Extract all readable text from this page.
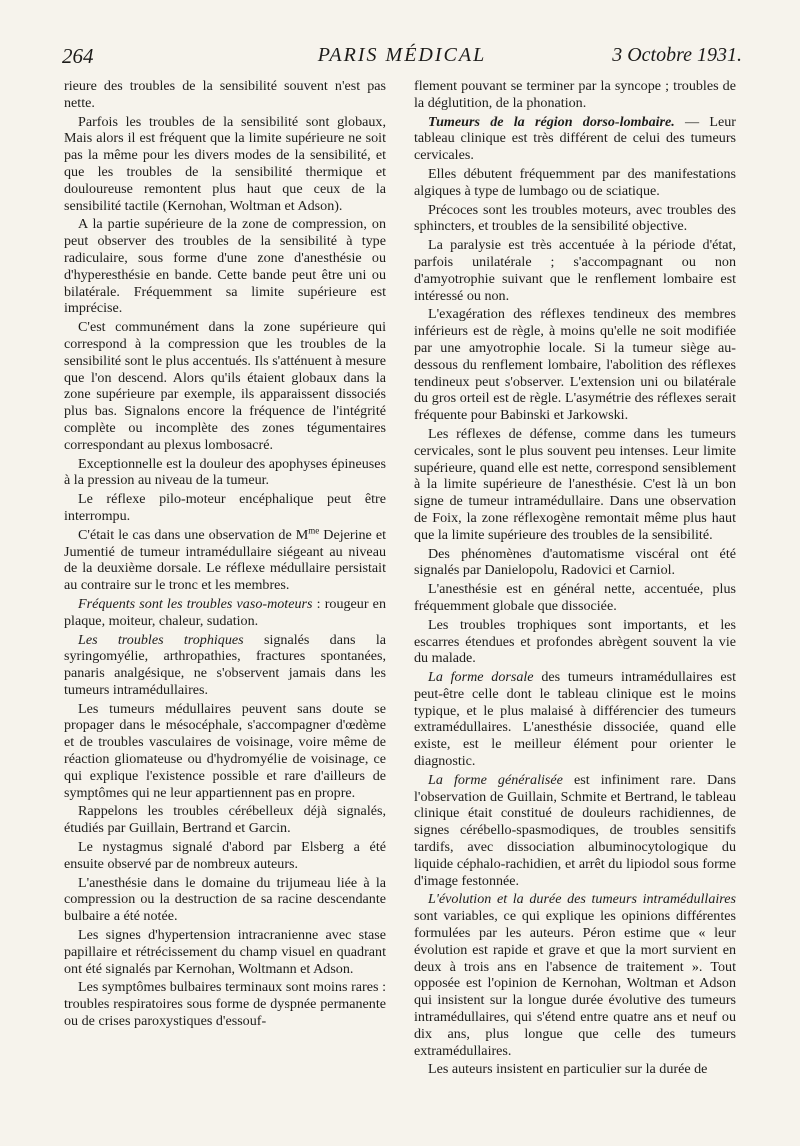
264	PARIS MÉDICAL	3 Octobre 1931.

rieure des troubles de la sensibilité souvent n'est pas nette.

Parfois les troubles de la sensibilité sont globaux, Mais alors il est fréquent que la limite supérieure ne soit pas la même pour les divers modes de la sensibilité, et que les troubles de la sensibilité thermique et douloureuse remontent plus haut que ceux de la sensibilité tactile (Kernohan, Woltman et Adson).

A la partie supérieure de la zone de compression, on peut observer des troubles de la sensibilité à type radiculaire, sous forme d'une zone d'anesthésie ou d'hyperesthésie en bande. Cette bande peut être uni ou bilatérale. Fréquemment sa limite supérieure est imprécise.

C'est communément dans la zone supérieure qui correspond à la compression que les troubles de la sensibilité sont le plus accentués. Ils s'atténuent à mesure que l'on descend. Alors qu'ils étaient globaux dans la zone supérieure par exemple, ils apparaissent dissociés plus bas. Signalons encore la fréquence de l'intégrité complète ou incomplète des zones tégumentaires correspondant au plexus lombosacré.

Exceptionnelle est la douleur des apophyses épineuses à la pression au niveau de la tumeur.

Le réflexe pilo-moteur encéphalique peut être interrompu.

C'était le cas dans une observation de $M^{me}$ Dejerine et Jumentié de tumeur intramédullaire siégeant au niveau de la deuxième dorsale. Le réflexe médullaire persistait au contraire sur le tronc et les membres.

Fréquents sont les troubles vaso-moteurs : rougeur en plaque, moiteur, chaleur, sudation.

Les troubles trophiques signalés dans la syringomyélie, arthropathies, fractures spontanées, panaris analgésique, ne s'observent jamais dans les tumeurs intramédullaires.

Les tumeurs médullaires peuvent sans doute se propager dans le mésocéphale, s'accompagner d'œdème et de troubles vasculaires de voisinage, voire même de réaction gliomateuse ou d'hydromyélie de voisinage, ce qui explique l'existence possible et rare d'ailleurs de symptômes qui ne leur appartiennent pas en propre.

Rappelons les troubles cérébelleux déjà signalés, étudiés par Guillain, Bertrand et Garcin.

Le nystagmus signalé d'abord par Elsberg a été ensuite observé par de nombreux auteurs.

L'anesthésie dans le domaine du trijumeau liée à la compression ou la destruction de sa racine descendante bulbaire a été notée.

Les signes d'hypertension intracranienne avec stase papillaire et rétrécissement du champ visuel en quadrant ont été signalés par Kernohan, Woltmann et Adson.

Les symptômes bulbaires terminaux sont moins rares : troubles respiratoires sous forme de dyspnée permanente ou de crises paroxystiques d'essouf-

flement pouvant se terminer par la syncope ; troubles de la déglutition, de la phonation.

Tumeurs de la région dorso-lombaire. — Leur tableau clinique est très différent de celui des tumeurs cervicales.

Elles débutent fréquemment par des manifestations algiques à type de lumbago ou de sciatique.

Précoces sont les troubles moteurs, avec troubles des sphincters, et troubles de la sensibilité objective.

La paralysie est très accentuée à la période d'état, parfois unilatérale ; s'accompagnant ou non d'amyotrophie suivant que le renflement lombaire est intéressé ou non.

L'exagération des réflexes tendineux des membres inférieurs est de règle, à moins qu'elle ne soit modifiée par une amyotrophie locale. Si la tumeur siège au-dessous du renflement lombaire, l'abolition des réflexes tendineux peut s'observer. L'extension uni ou bilatérale du gros orteil est de règle. L'asymétrie des réflexes serait fréquente pour Babinski et Jarkowski.

Les réflexes de défense, comme dans les tumeurs cervicales, sont le plus souvent peu intenses. Leur limite supérieure, quand elle est nette, correspond sensiblement à la limite supérieure de l'anesthésie. C'est là un bon signe de tumeur intramédullaire. Dans une observation de Foix, la zone réflexogène remontait même plus haut que la limite supérieure des troubles de la sensibilité.

Des phénomènes d'automatisme viscéral ont été signalés par Danielopolu, Radovici et Carniol.

L'anesthésie est en général nette, accentuée, plus fréquemment globale que dissociée.

Les troubles trophiques sont importants, et les escarres étendues et profondes abrègent souvent la vie du malade.

La forme dorsale des tumeurs intramédullaires est peut-être celle dont le tableau clinique est le moins typique, et le plus malaisé à différencier des tumeurs extramédullaires. L'anesthésie dissociée, quand elle existe, est le meilleur élément pour orienter le diagnostic.

La forme généralisée est infiniment rare. Dans l'observation de Guillain, Schmite et Bertrand, le tableau clinique était constitué de douleurs rachidiennes, de signes cérébello-spasmodiques, de troubles sensitifs tardifs, avec dissociation albuminocytologique du liquide céphalo-rachidien, et arrêt du lipiodol sous forme d'image festonnée.

L'évolution et la durée des tumeurs intramédullaires sont variables, ce qui explique les opinions différentes formulées par les auteurs. Péron estime que « leur évolution est rapide et grave et que la mort survient en deux à trois ans en l'absence de traitement ». Tout opposée est l'opinion de Kernohan, Woltman et Adson qui insistent sur la longue durée évolutive des tumeurs intramédullaires, qui s'étend entre quatre ans et neuf ou dix ans, plus longue que celle des tumeurs extramédullaires.

Les auteurs insistent en particulier sur la durée de
